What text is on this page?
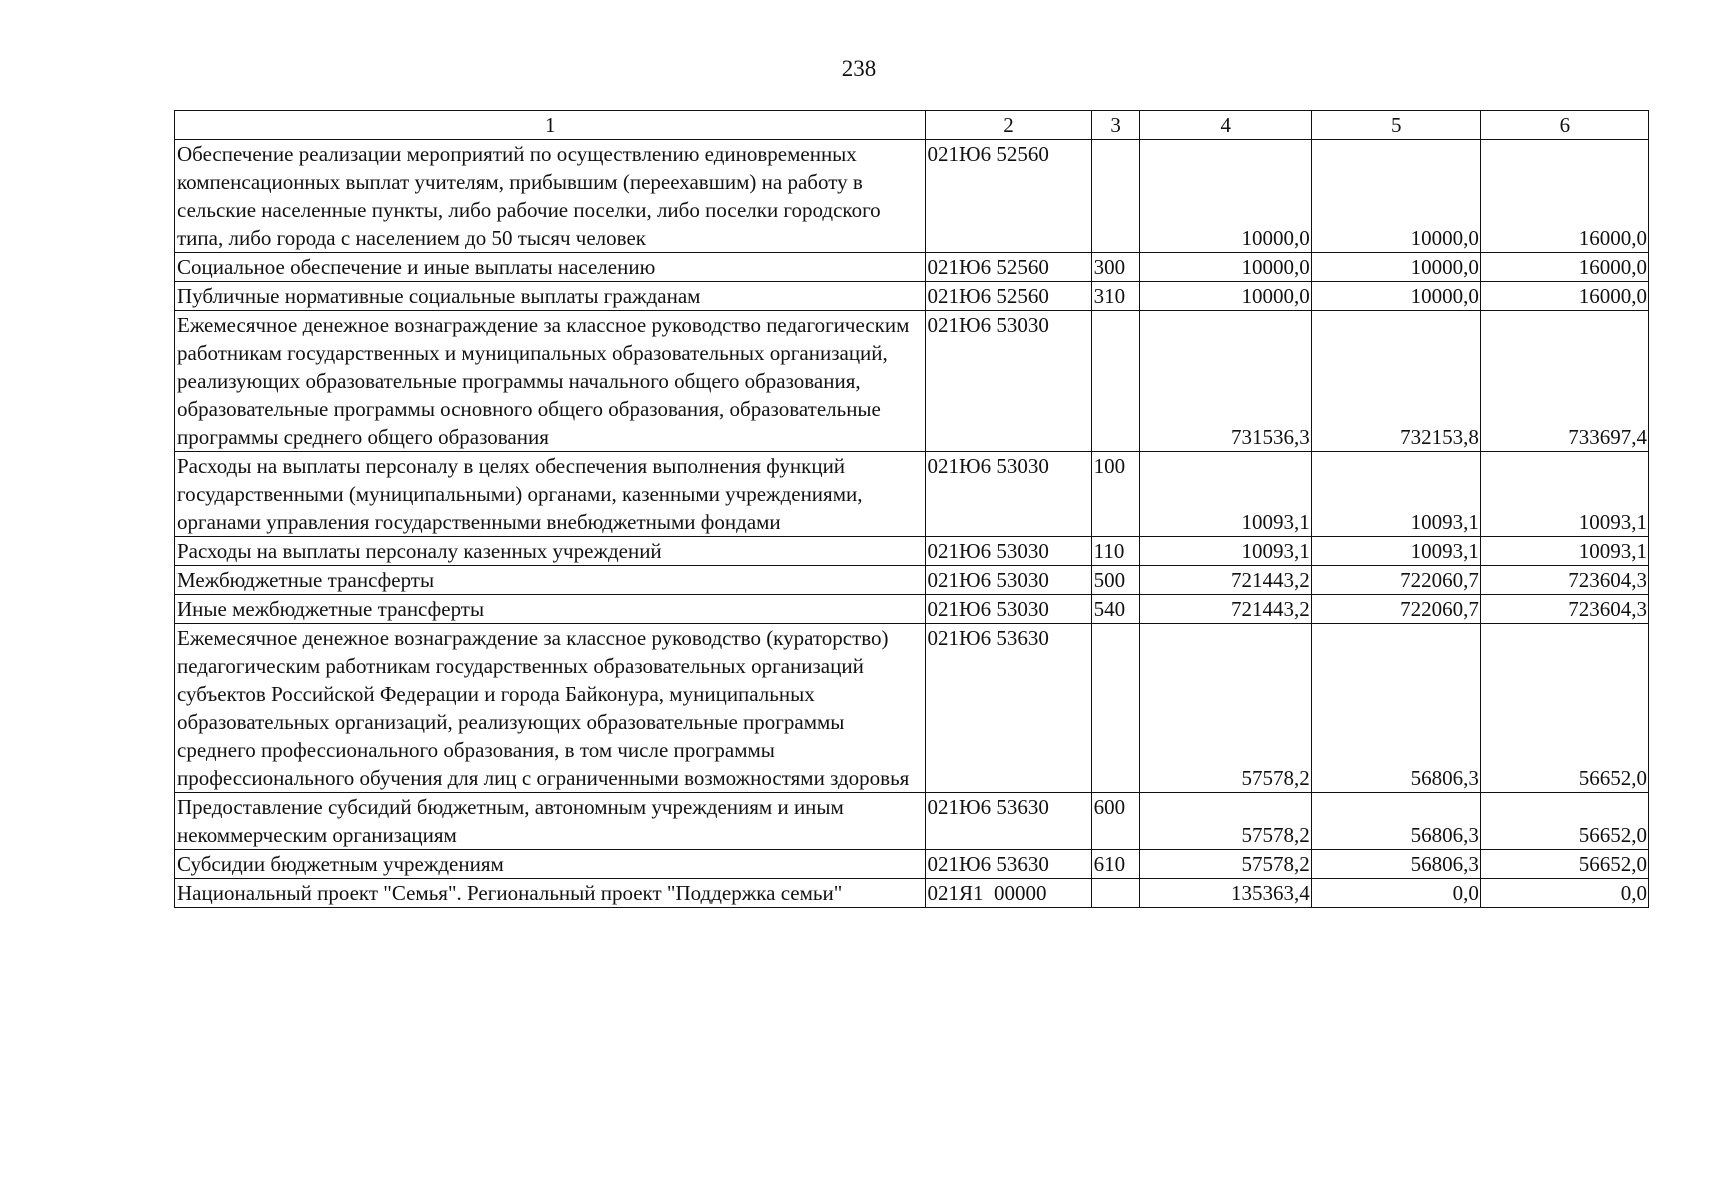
238
1	2	3	4	5	6
Обеспечение реализации мероприятий по осуществлению единовременных компенсационных выплат учителям, прибывшим (переехавшим) на работу в сельские населенные пункты, либо рабочие поселки, либо поселки городского типа, либо города с населением до 50 тысяч человек	021Ю6 52560		10000,0	10000,0	16000,0
Социальное обеспечение и иные выплаты населению	021Ю6 52560	300	10000,0	10000,0	16000,0
Публичные нормативные социальные выплаты гражданам	021Ю6 52560	310	10000,0	10000,0	16000,0
Ежемесячное денежное вознаграждение за классное руководство педагогическим работникам государственных и муниципальных образовательных организаций, реализующих образовательные программы начального общего образования, образовательные программы основного общего образования, образовательные программы среднего общего образования	021Ю6 53030		731536,3	732153,8	733697,4
Расходы на выплаты персоналу в целях обеспечения выполнения функций государственными (муниципальными) органами, казенными учреждениями, органами управления государственными внебюджетными фондами	021Ю6 53030	100	10093,1	10093,1	10093,1
Расходы на выплаты персоналу казенных учреждений	021Ю6 53030	110	10093,1	10093,1	10093,1
Межбюджетные трансферты	021Ю6 53030	500	721443,2	722060,7	723604,3
Иные межбюджетные трансферты	021Ю6 53030	540	721443,2	722060,7	723604,3
Ежемесячное денежное вознаграждение за классное руководство (кураторство) педагогическим работникам государственных образовательных организаций субъектов Российской Федерации и города Байконура, муниципальных образовательных организаций, реализующих образовательные программы среднего профессионального образования, в том числе программы профессионального обучения для лиц с ограниченными возможностями здоровья	021Ю6 53630		57578,2	56806,3	56652,0
Предоставление субсидий бюджетным, автономным учреждениям и иным некоммерческим организациям	021Ю6 53630	600	57578,2	56806,3	56652,0
Субсидии бюджетным учреждениям	021Ю6 53630	610	57578,2	56806,3	56652,0
Национальный проект "Семья". Региональный проект "Поддержка семьи"	021Я1  00000		135363,4	0,0	0,0
